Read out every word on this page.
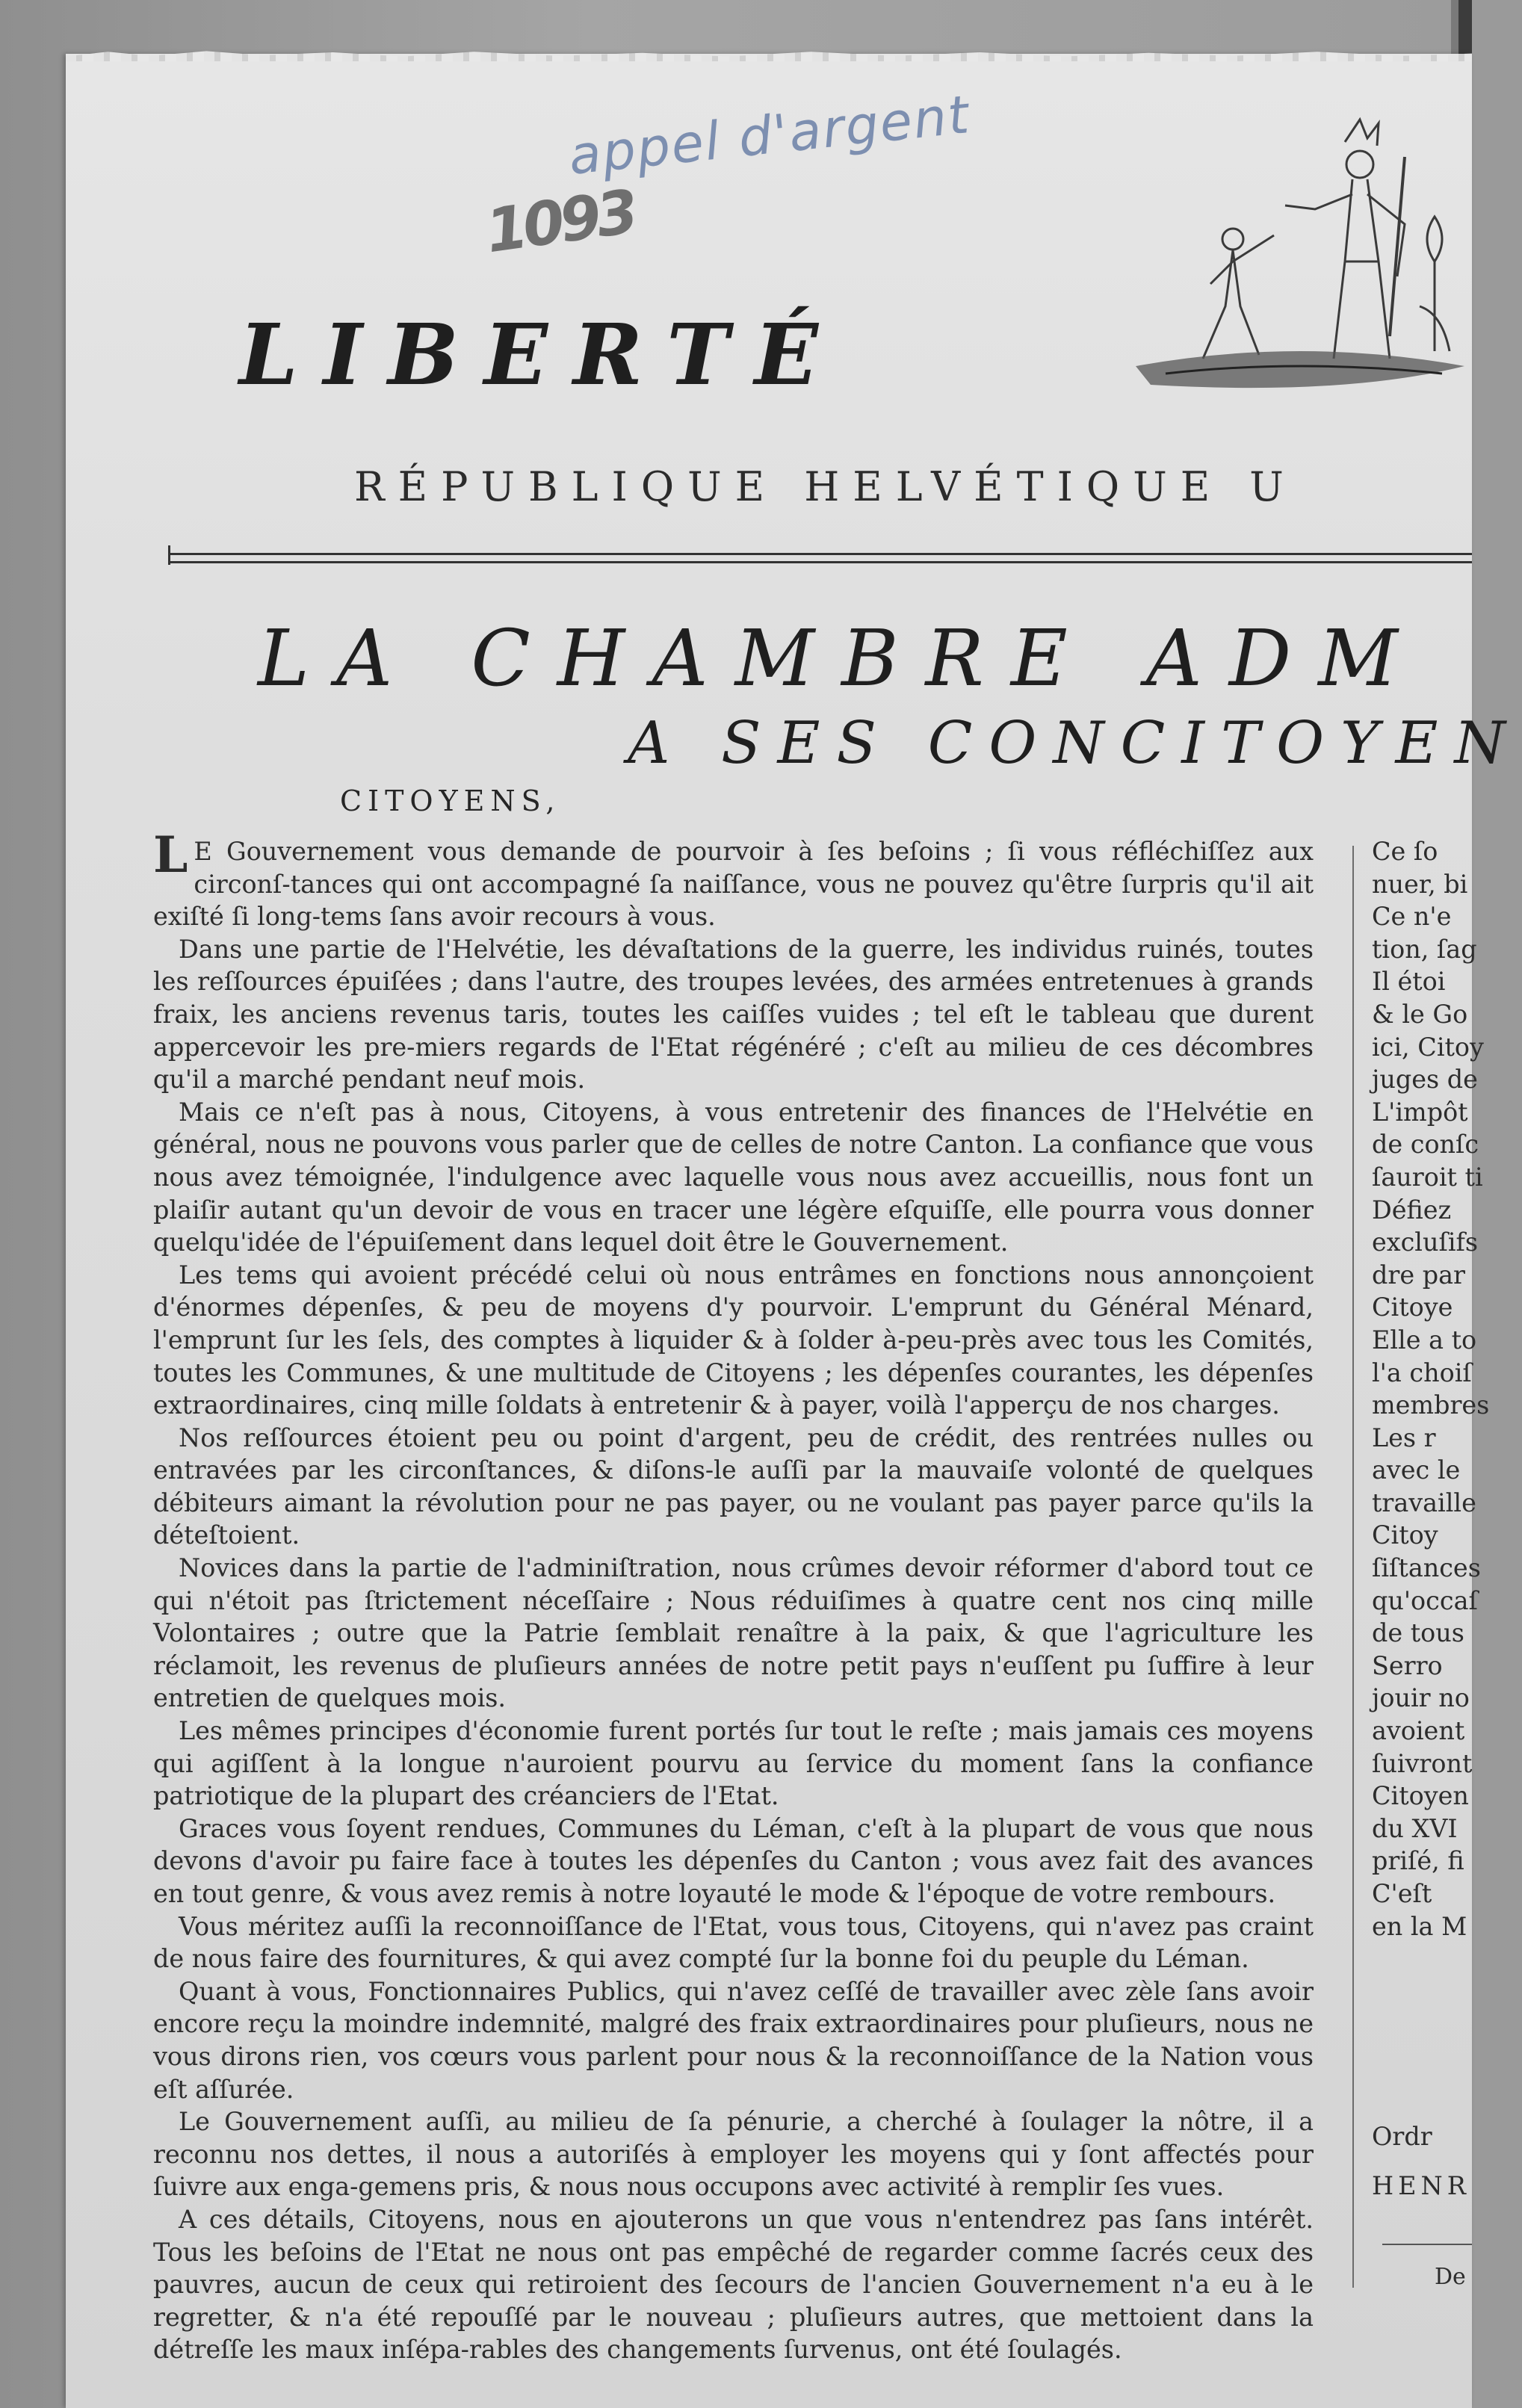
appel d'argent
1093
LIBERTÉ
RÉPUBLIQUE HELVÉTIQUE U
LA CHAMBRE ADM
A SES CONCITOYEN
CITOYENS,

L E Gouvernement vous demande de pourvoir à ſes beſoins ; ſi vous réfléchiſſez aux circonſ-tances qui ont accompagné ſa naiſſance, vous ne pouvez qu'être ſurpris qu'il ait exiſté ſi long-tems ſans avoir recours à vous.

Dans une partie de l'Helvétie, les dévaſtations de la guerre, les individus ruinés, toutes les reſſources épuiſées ; dans l'autre, des troupes levées, des armées entretenues à grands fraix, les anciens revenus taris, toutes les caiſſes vuides ; tel eſt le tableau que durent appercevoir les pre-miers regards de l'Etat régénéré ; c'eſt au milieu de ces décombres qu'il a marché pendant neuf mois.

Mais ce n'eſt pas à nous, Citoyens, à vous entretenir des finances de l'Helvétie en général, nous ne pouvons vous parler que de celles de notre Canton. La confiance que vous nous avez témoignée, l'indulgence avec laquelle vous nous avez accueillis, nous font un plaiſir autant qu'un devoir de vous en tracer une légère eſquiſſe, elle pourra vous donner quelqu'idée de l'épuiſement dans lequel doit être le Gouvernement.

Les tems qui avoient précédé celui où nous entrâmes en fonctions nous annonçoient d'énormes dépenſes, & peu de moyens d'y pourvoir. L'emprunt du Général Ménard, l'emprunt ſur les ſels, des comptes à liquider & à ſolder à-peu-près avec tous les Comités, toutes les Communes, & une multitude de Citoyens ; les dépenſes courantes, les dépenſes extraordinaires, cinq mille ſoldats à entretenir & à payer, voilà l'apperçu de nos charges.

Nos reſſources étoient peu ou point d'argent, peu de crédit, des rentrées nulles ou entravées par les circonſtances, & diſons-le auſſi par la mauvaiſe volonté de quelques débiteurs aimant la révolution pour ne pas payer, ou ne voulant pas payer parce qu'ils la déteſtoient.

Novices dans la partie de l'adminiſtration, nous crûmes devoir réformer d'abord tout ce qui n'étoit pas ſtrictement néceſſaire ; Nous réduiſimes à quatre cent nos cinq mille Volontaires ; outre que la Patrie ſemblait renaître à la paix, & que l'agriculture les réclamoit, les revenus de pluſieurs années de notre petit pays n'euſſent pu ſuffire à leur entretien de quelques mois.

Les mêmes principes d'économie furent portés ſur tout le reſte ; mais jamais ces moyens qui agiſſent à la longue n'auroient pourvu au ſervice du moment ſans la confiance patriotique de la plupart des créanciers de l'Etat.

Graces vous ſoyent rendues, Communes du Léman, c'eſt à la plupart de vous que nous devons d'avoir pu faire face à toutes les dépenſes du Canton ; vous avez fait des avances en tout genre, & vous avez remis à notre loyauté le mode & l'époque de votre rembours.

Vous méritez auſſi la reconnoiſſance de l'Etat, vous tous, Citoyens, qui n'avez pas craint de nous faire des fournitures, & qui avez compté ſur la bonne foi du peuple du Léman.

Quant à vous, Fonctionnaires Publics, qui n'avez ceſſé de travailler avec zèle ſans avoir encore reçu la moindre indemnité, malgré des fraix extraordinaires pour pluſieurs, nous ne vous dirons rien, vos cœurs vous parlent pour nous & la reconnoiſſance de la Nation vous eſt aſſurée.

Le Gouvernement auſſi, au milieu de ſa pénurie, a cherché à ſoulager la nôtre, il a reconnu nos dettes, il nous a autoriſés à employer les moyens qui y ſont affectés pour ſuivre aux enga-gemens pris, & nous nous occupons avec activité à remplir ſes vues.

A ces détails, Citoyens, nous en ajouterons un que vous n'entendrez pas ſans intérêt. Tous les beſoins de l'Etat ne nous ont pas empêché de regarder comme ſacrés ceux des pauvres, aucun de ceux qui retiroient des ſecours de l'ancien Gouvernement n'a eu à le regretter, & n'a été repouſſé par le nouveau ; pluſieurs autres, que mettoient dans la détreſſe les maux inſépa-rables des changements ſurvenus, ont été ſoulagés.

Ce ſo
nuer, bi
Ce n'e
tion, ſag
Il étoi
& le Go
ici, Citoy
juges de
L'impôt
de conſc
ſauroit ti
Défiez
excluſifs
dre par
Citoye
Elle a to
l'a choiſ
membres
Les r
avec le
travaille
Citoy
ſiſtances
qu'occaſ
de tous
Serro
jouir no
avoient
ſuivront
Citoyen
du XVI
priſé, fi
C'eſt
en la M
Ordr
HENR
De
